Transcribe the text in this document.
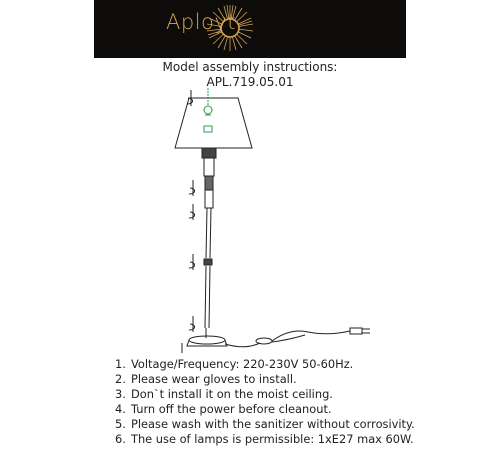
Aployt
Model assembly instructions:
APL.719.05.01
1. Voltage/Frequency: 220-230V 50-60Hz.
2. Please wear gloves to install.
3. Don`t install it on the moist ceiling.
4. Turn off the power before cleanout.
5. Please wash with the sanitizer without corrosivity.
6. The use of lamps is permissible: 1xE27 max 60W.
